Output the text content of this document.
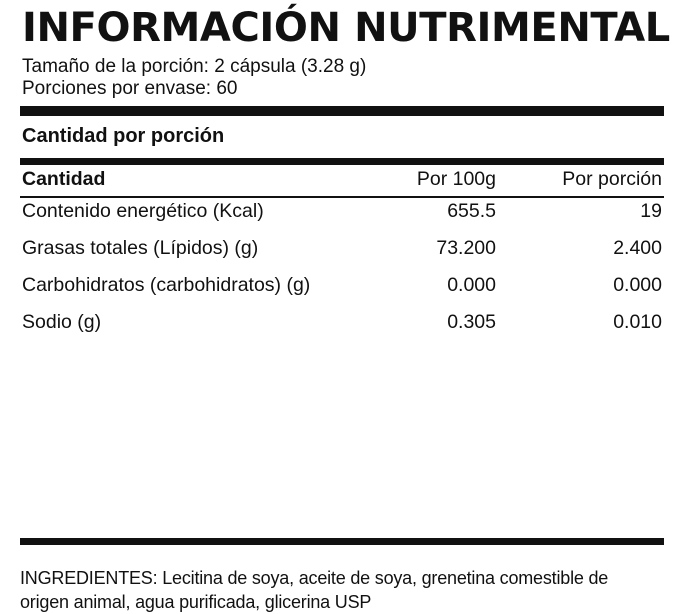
INFORMACIÓN NUTRIMENTAL
Tamaño de la porción: 2 cápsula (3.28 g)
Porciones por envase: 60
Cantidad por porción
Cantidad	Por 100g	Por porción
Contenido energético (Kcal)	655.5	19
Grasas totales (Lípidos) (g)	73.200	2.400
Carbohidratos (carbohidratos) (g)	0.000	0.000
Sodio (g)	0.305	0.010
INGREDIENTES: Lecitina de soya, aceite de soya, grenetina comestible de
origen animal, agua purificada, glicerina USP
